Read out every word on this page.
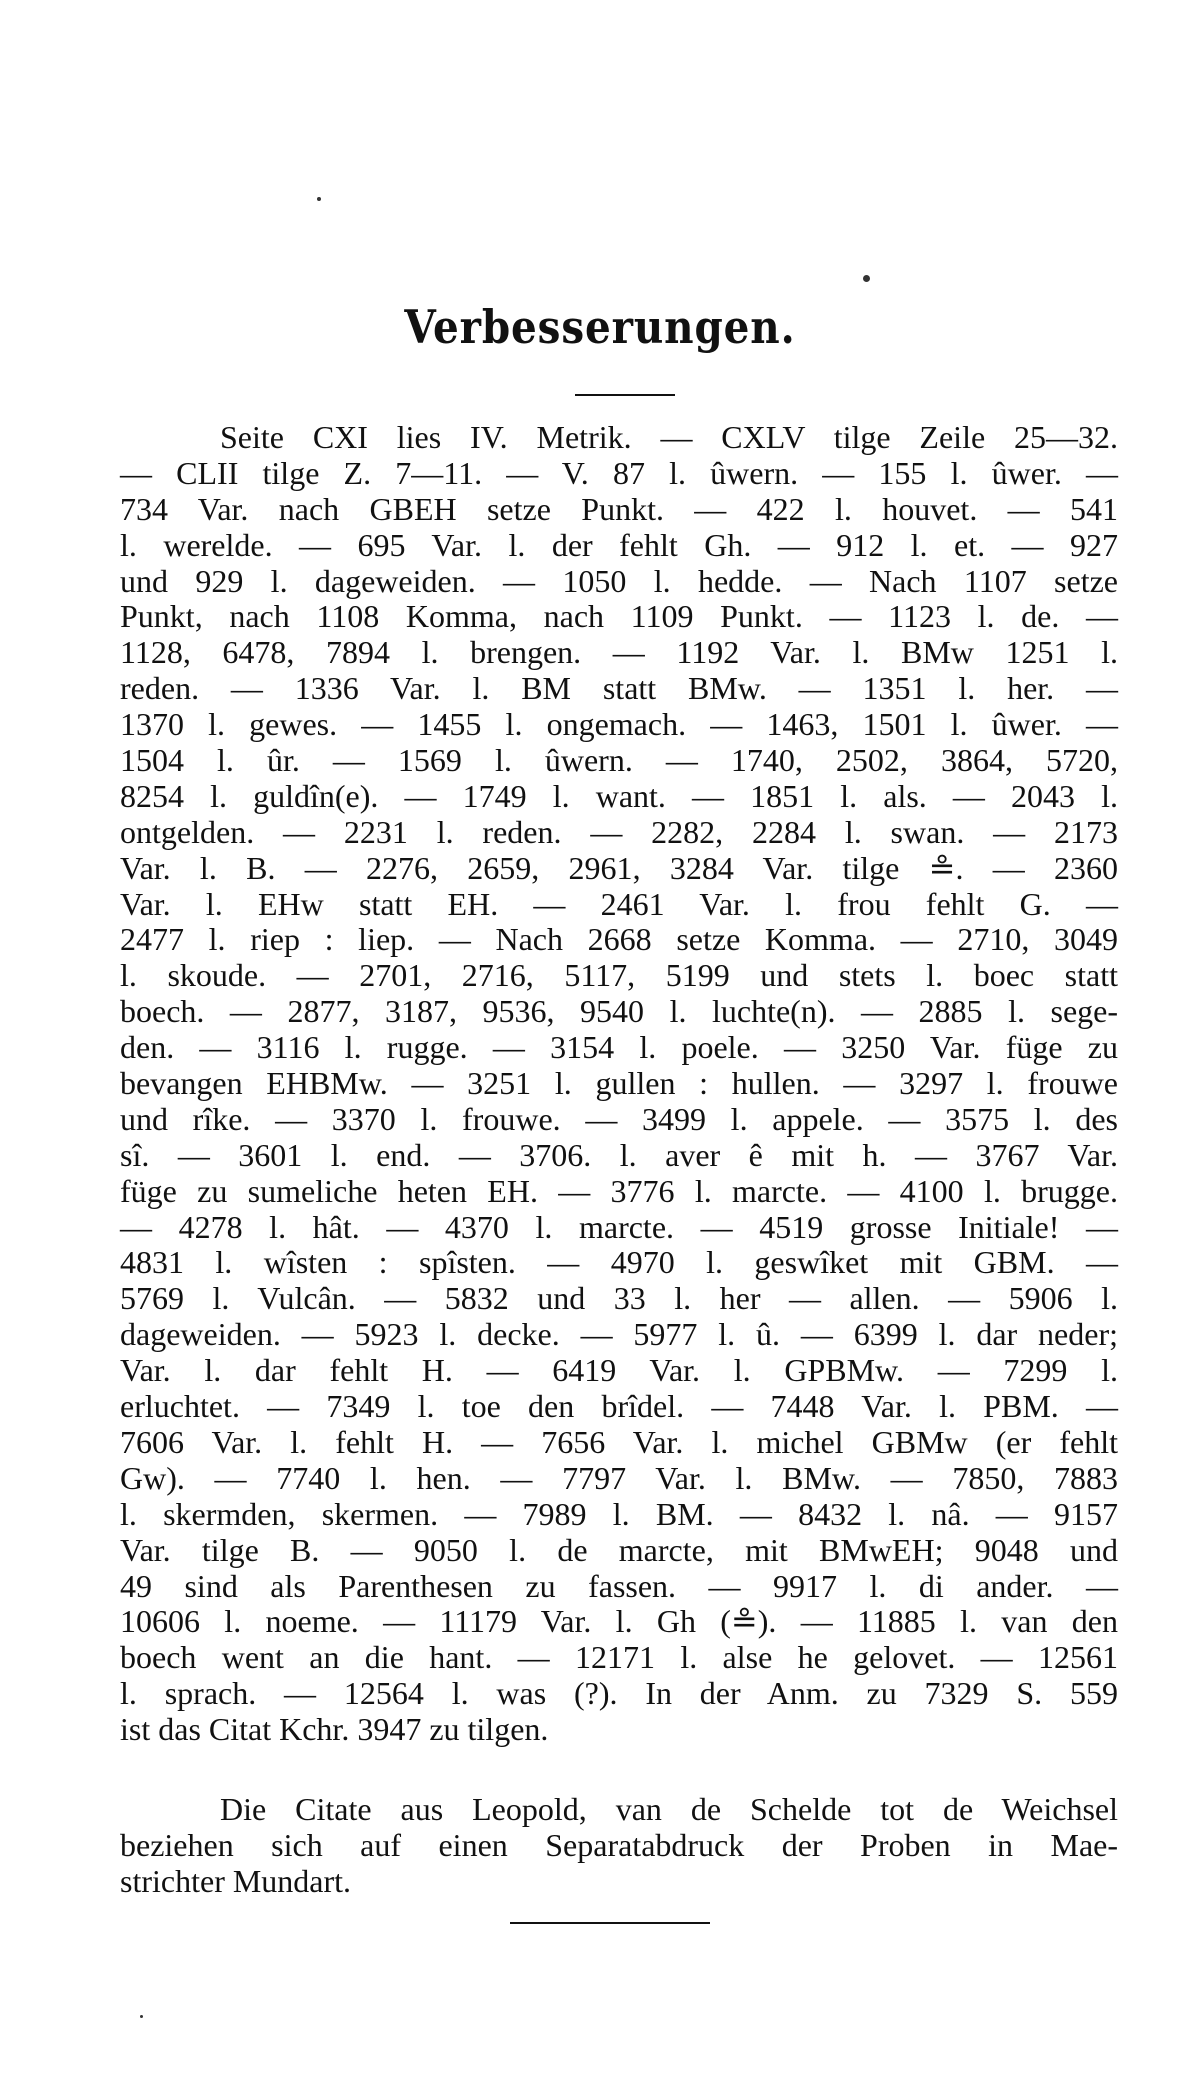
Verbesserungen.
Seite CXI lies IV. Metrik. — CXLV tilge Zeile 25—32.
— CLII tilge Z. 7—11. — V. 87 l. ûwern. — 155 l. ûwer. —
734 Var. nach GBEH setze Punkt. — 422 l. houvet. — 541
l. werelde. — 695 Var. l. der fehlt Gh. — 912 l. et. — 927
und 929 l. dageweiden. — 1050 l. hedde. — Nach 1107 setze
Punkt, nach 1108 Komma, nach 1109 Punkt. — 1123 l. de. —
1128, 6478, 7894 l. brengen. — 1192 Var. l. BMw 1251 l.
reden. — 1336 Var. l. BM statt BMw. — 1351 l. her. —
1370 l. gewes. — 1455 l. ongemach. — 1463, 1501 l. ûwer. —
1504 l. ûr. — 1569 l. ûwern. — 1740, 2502, 3864, 5720,
8254 l. guldîn(e). — 1749 l. want. — 1851 l. als. — 2043 l.
ontgelden. — 2231 l. reden. — 2282, 2284 l. swan. — 2173
Var. l. B. — 2276, 2659, 2961, 3284 Var. tilge ≗. — 2360
Var. l. EHw statt EH. — 2461 Var. l. frou fehlt G. —
2477 l. riep : liep. — Nach 2668 setze Komma. — 2710, 3049
l. skoude. — 2701, 2716, 5117, 5199 und stets l. boec statt
boech. — 2877, 3187, 9536, 9540 l. luchte(n). — 2885 l. sege-
den. — 3116 l. rugge. — 3154 l. poele. — 3250 Var. füge zu
bevangen EHBMw. — 3251 l. gullen : hullen. — 3297 l. frouwe
und rîke. — 3370 l. frouwe. — 3499 l. appele. — 3575 l. des
sî. — 3601 l. end. — 3706. l. aver ê mit h. — 3767 Var.
füge zu sumeliche heten EH. — 3776 l. marcte. — 4100 l. brugge.
— 4278 l. hât. — 4370 l. marcte. — 4519 grosse Initiale! —
4831 l. wîsten : spîsten. — 4970 l. geswîket mit GBM. —
5769 l. Vulcân. — 5832 und 33 l. her — allen. — 5906 l.
dageweiden. — 5923 l. decke. — 5977 l. û. — 6399 l. dar neder;
Var. l. dar fehlt H. — 6419 Var. l. GPBMw. — 7299 l.
erluchtet. — 7349 l. toe den brîdel. — 7448 Var. l. PBM. —
7606 Var. l. fehlt H. — 7656 Var. l. michel GBMw (er fehlt
Gw). — 7740 l. hen. — 7797 Var. l. BMw. — 7850, 7883
l. skermden, skermen. — 7989 l. BM. — 8432 l. nâ. — 9157
Var. tilge B. — 9050 l. de marcte, mit BMwEH; 9048 und
49 sind als Parenthesen zu fassen. — 9917 l. di ander. —
10606 l. noeme. — 11179 Var. l. Gh (≗). — 11885 l. van den
boech went an die hant. — 12171 l. alse he gelovet. — 12561
l. sprach. — 12564 l. was (?). In der Anm. zu 7329 S. 559
ist das Citat Kchr. 3947 zu tilgen.
Die Citate aus Leopold, van de Schelde tot de Weichsel
beziehen sich auf einen Separatabdruck der Proben in Mae-
strichter Mundart.
